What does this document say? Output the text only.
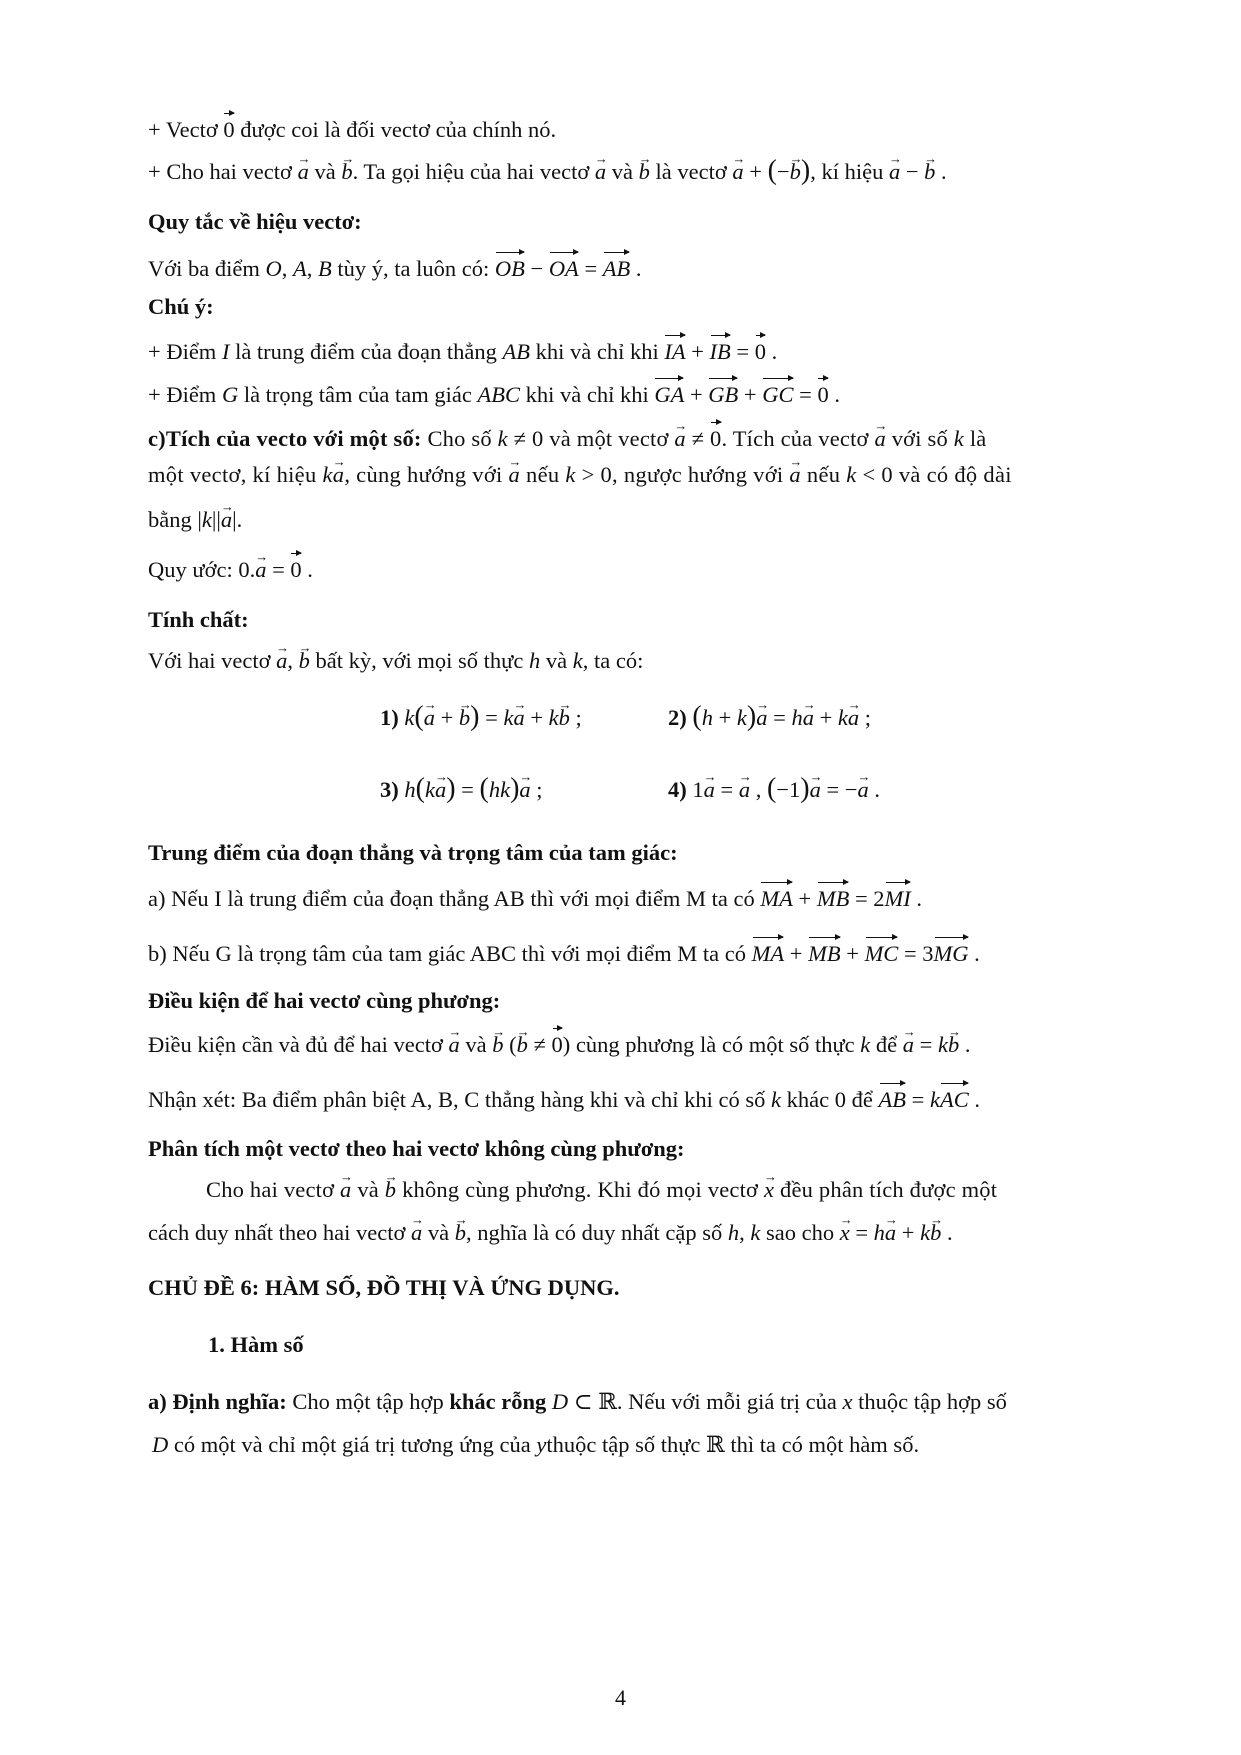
+ Vectơ 0 được coi là đối vectơ của chính nó.
+ Cho hai vectơ a → và b →. Ta gọi hiệu của hai vectơ a → và b → là vectơ a → + (−b →), kí hiệu a → − b → .
Quy tắc về hiệu vectơ:
Với ba điểm O, A, B tùy ý, ta luôn có: OB − OA = AB .
Chú ý:
+ Điểm I là trung điểm của đoạn thẳng AB khi và chỉ khi IA + IB = 0 .
+ Điểm G là trọng tâm của tam giác ABC khi và chỉ khi GA + GB + GC = 0 .
c)Tích của vecto với một số: Cho số k ≠ 0 và một vectơ a → ≠ 0. Tích của vectơ a → với số k là
một vectơ, kí hiệu ka →, cùng hướng với a → nếu k > 0, ngược hướng với a → nếu k < 0 và có độ dài
bằng |k||a →|.
Quy ước: 0.a → = 0 .
Tính chất:
Với hai vectơ a →, b → bất kỳ, với mọi số thực h và k, ta có:
1) k(a → + b →) = ka → + kb → ;	2) (h + k)a → = ha → + ka → ;
3) h(ka →) = (hk)a → ;	4) 1a → = a → , (−1)a → = −a → .
Trung điểm của đoạn thẳng và trọng tâm của tam giác:
a) Nếu I là trung điểm của đoạn thẳng AB thì với mọi điểm M ta có MA + MB = 2MI .
b) Nếu G là trọng tâm của tam giác ABC thì với mọi điểm M ta có MA + MB + MC = 3MG .
Điều kiện để hai vectơ cùng phương:
Điều kiện cần và đủ để hai vectơ a → và b → (b → ≠ 0) cùng phương là có một số thực k để a → = kb → .
Nhận xét: Ba điểm phân biệt A, B, C thẳng hàng khi và chỉ khi có số k khác 0 để AB = kAC .
Phân tích một vectơ theo hai vectơ không cùng phương:
Cho hai vectơ a → và b → không cùng phương. Khi đó mọi vectơ x → đều phân tích được một
cách duy nhất theo hai vectơ a → và b →, nghĩa là có duy nhất cặp số h, k sao cho x → = ha → + kb → .
CHỦ ĐỀ 6: HÀM SỐ, ĐỒ THỊ VÀ ỨNG DỤNG.
1. Hàm số
a) Định nghĩa: Cho một tập hợp khác rỗng D ⊂ ℝ. Nếu với mỗi giá trị của x thuộc tập hợp số
D có một và chỉ một giá trị tương ứng của ythuộc tập số thực ℝ thì ta có một hàm số.
4
